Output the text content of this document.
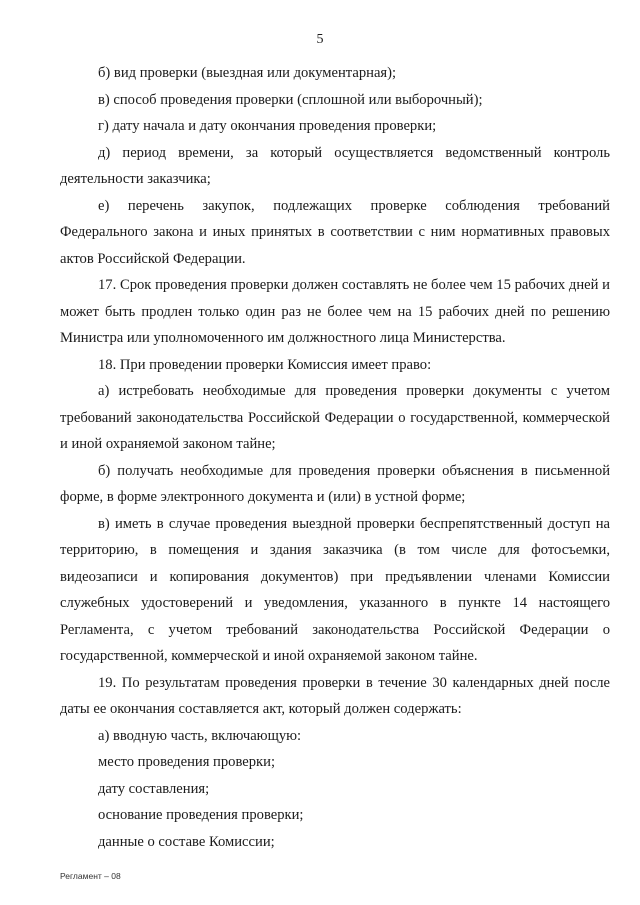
5

б) вид проверки (выездная или документарная);

в) способ проведения проверки (сплошной или выборочный);

г) дату начала и дату окончания проведения проверки;

д) период времени, за который осуществляется ведомственный контроль деятельности заказчика;

е) перечень закупок, подлежащих проверке соблюдения требований Федерального закона и иных принятых в соответствии с ним нормативных правовых актов Российской Федерации.

17. Срок проведения проверки должен составлять не более чем 15 рабочих дней и может быть продлен только один раз не более чем на 15 рабочих дней по решению Министра или уполномоченного им должностного лица Министерства.

18. При проведении проверки Комиссия имеет право:

а) истребовать необходимые для проведения проверки документы с учетом требований законодательства Российской Федерации о государственной, коммерческой и иной охраняемой законом тайне;

б) получать необходимые для проведения проверки объяснения в письменной форме, в форме электронного документа и (или) в устной форме;

в) иметь в случае проведения выездной проверки беспрепятственный доступ на территорию, в помещения и здания заказчика (в том числе для фотосъемки, видеозаписи и копирования документов) при предъявлении членами Комиссии служебных удостоверений и уведомления, указанного в пункте 14 настоящего Регламента, с учетом требований законодательства Российской Федерации о государственной, коммерческой и иной охраняемой законом тайне.

19. По результатам проведения проверки в течение 30 календарных дней после даты ее окончания составляется акт, который должен содержать:

а) вводную часть, включающую:

место проведения проверки;

дату составления;

основание проведения проверки;

данные о составе Комиссии;

Регламент – 08
